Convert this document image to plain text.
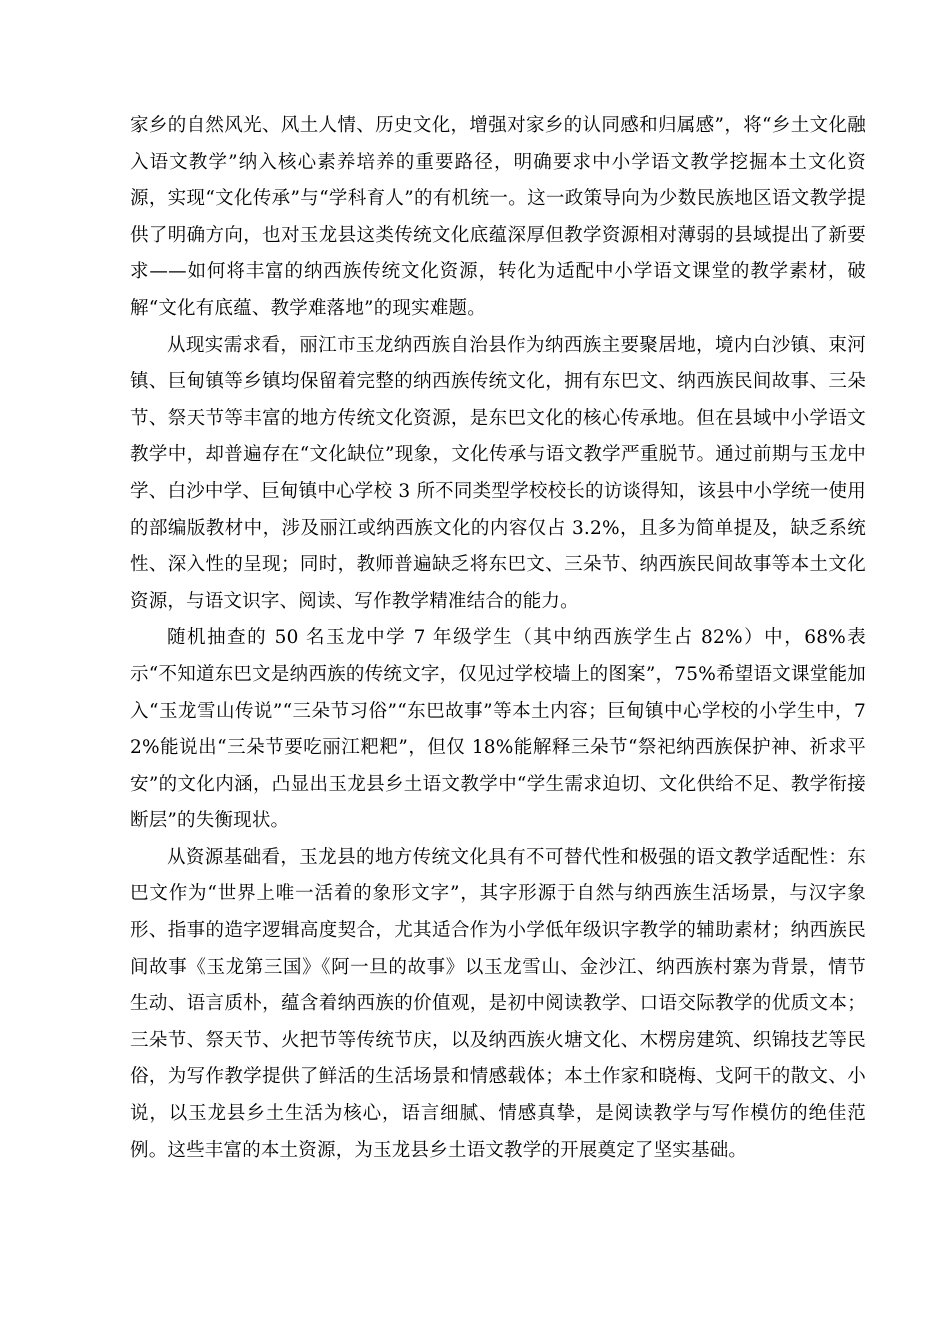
家乡的自然风光、风土人情、历史文化，增强对家乡的认同感和归属感”，将“乡土文化融入语文教学”纳入核心素养培养的重要路径，明确要求中小学语文教学挖掘本土文化资源，实现“文化传承”与“学科育人”的有机统一。这一政策导向为少数民族地区语文教学提供了明确方向，也对玉龙县这类传统文化底蕴深厚但教学资源相对薄弱的县域提出了新要求——如何将丰富的纳西族传统文化资源，转化为适配中小学语文课堂的教学素材，破解“文化有底蕴、教学难落地”的现实难题。

从现实需求看，丽江市玉龙纳西族自治县作为纳西族主要聚居地，境内白沙镇、束河镇、巨甸镇等乡镇均保留着完整的纳西族传统文化，拥有东巴文、纳西族民间故事、三朵节、祭天节等丰富的地方传统文化资源，是东巴文化的核心传承地。但在县域中小学语文教学中，却普遍存在“文化缺位”现象，文化传承与语文教学严重脱节。通过前期与玉龙中学、白沙中学、巨甸镇中心学校 3 所不同类型学校校长的访谈得知，该县中小学统一使用的部编版教材中，涉及丽江或纳西族文化的内容仅占 3.2%，且多为简单提及，缺乏系统性、深入性的呈现；同时，教师普遍缺乏将东巴文、三朵节、纳西族民间故事等本土文化资源，与语文识字、阅读、写作教学精准结合的能力。

随机抽查的 50 名玉龙中学 7 年级学生（其中纳西族学生占 82%）中，68%表示“不知道东巴文是纳西族的传统文字，仅见过学校墙上的图案”，75%希望语文课堂能加入“玉龙雪山传说”“三朵节习俗”“东巴故事”等本土内容；巨甸镇中心学校的小学生中，72%能说出“三朵节要吃丽江粑粑”，但仅 18%能解释三朵节“祭祀纳西族保护神、祈求平安”的文化内涵，凸显出玉龙县乡土语文教学中“学生需求迫切、文化供给不足、教学衔接断层”的失衡现状。

从资源基础看，玉龙县的地方传统文化具有不可替代性和极强的语文教学适配性：东巴文作为“世界上唯一活着的象形文字”，其字形源于自然与纳西族生活场景，与汉字象形、指事的造字逻辑高度契合，尤其适合作为小学低年级识字教学的辅助素材；纳西族民间故事《玉龙第三国》《阿一旦的故事》以玉龙雪山、金沙江、纳西族村寨为背景，情节生动、语言质朴，蕴含着纳西族的价值观，是初中阅读教学、口语交际教学的优质文本；三朵节、祭天节、火把节等传统节庆，以及纳西族火塘文化、木楞房建筑、织锦技艺等民俗，为写作教学提供了鲜活的生活场景和情感载体；本土作家和晓梅、戈阿干的散文、小说，以玉龙县乡土生活为核心，语言细腻、情感真挚，是阅读教学与写作模仿的绝佳范例。这些丰富的本土资源，为玉龙县乡土语文教学的开展奠定了坚实基础。
